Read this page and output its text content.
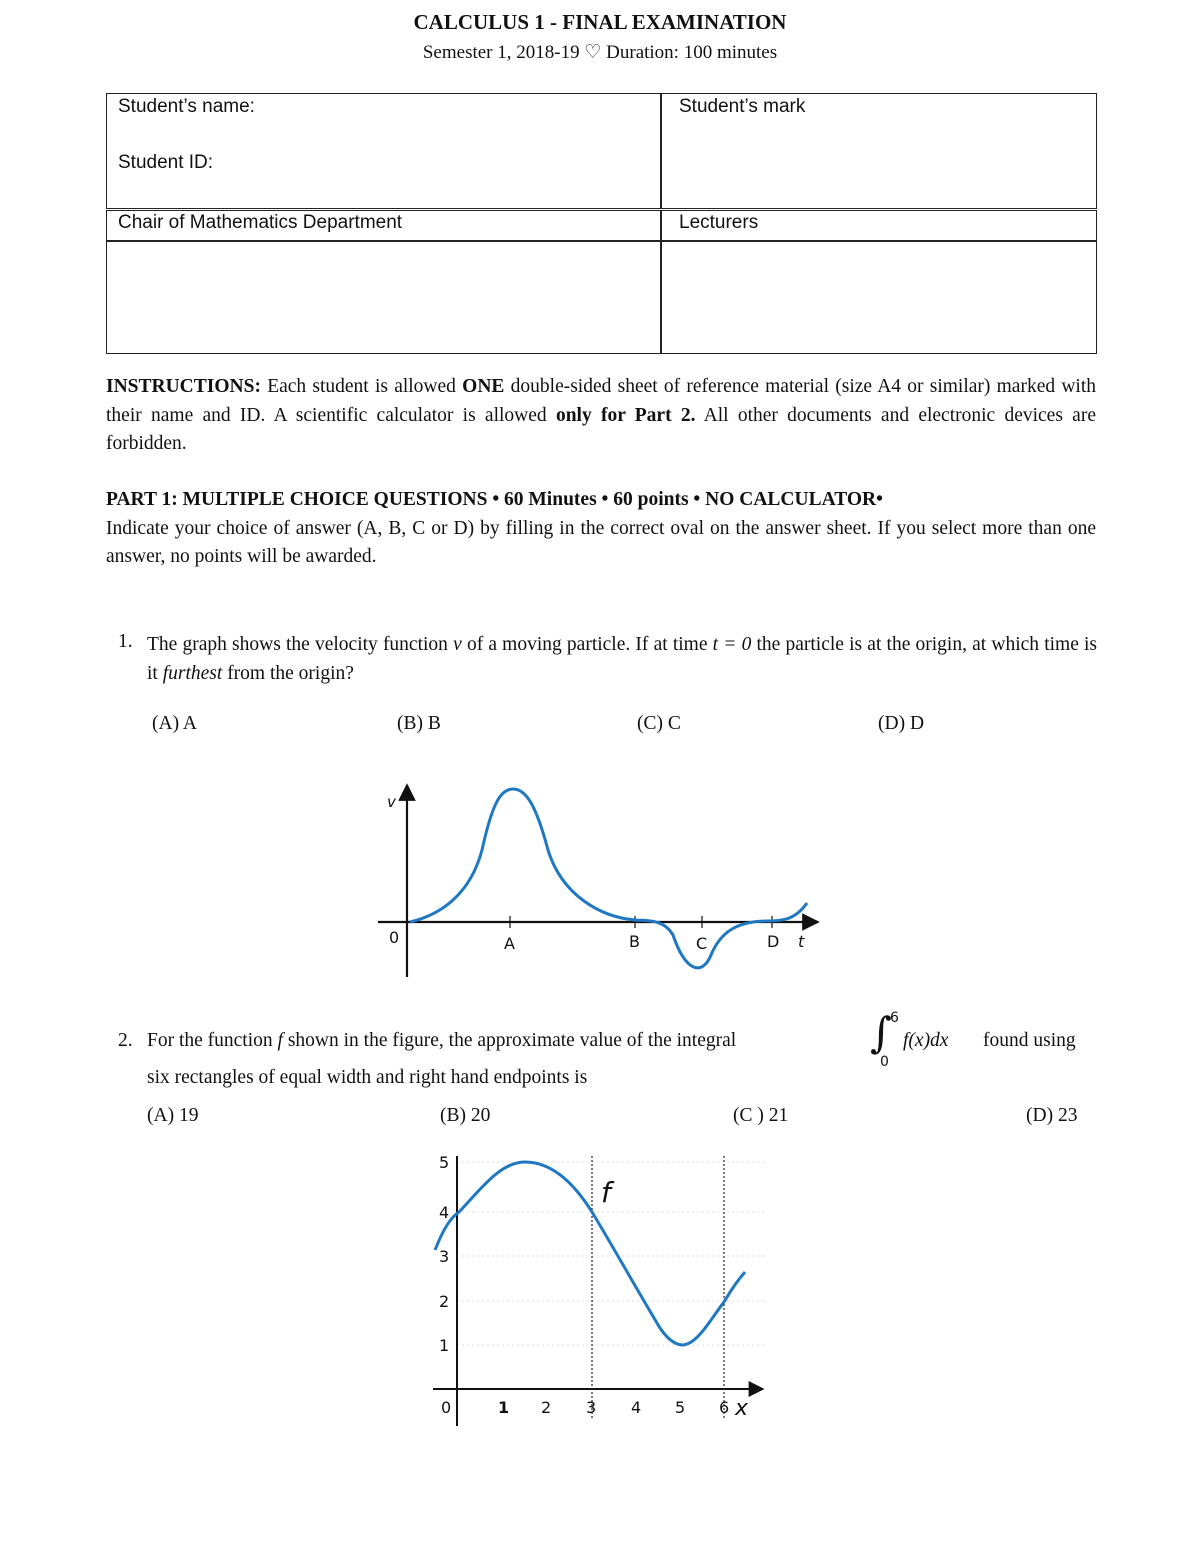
CALCULUS 1 - FINAL EXAMINATION
Semester 1, 2018-19 ♡ Duration: 100 minutes
Student’s name:
Student ID:
Student’s mark
Chair of Mathematics Department	Lecturers
INSTRUCTIONS: Each student is allowed ONE double-sided sheet of reference material (size A4 or similar) marked with their name and ID. A scientific calculator is allowed only for Part 2. All other documents and electronic devices are forbidden.
PART 1: MULTIPLE CHOICE QUESTIONS • 60 Minutes • 60 points • NO CALCULATOR•
Indicate your choice of answer (A, B, C or D) by filling in the correct oval on the answer sheet. If you select more than one answer, no points will be awarded.
1. The graph shows the velocity function v of a moving particle. If at time t = 0 the particle is at the origin, at which time is it furthest from the origin?
(A) A	(B) B	(C) C	(D) D
v
0	A	B	C	D t
2. For the function f shown in the figure, the approximate value of the integral	∫
6
0
f(x)dx found using
six rectangles of equal width and right hand endpoints is
(A) 19	(B) 20	(C ) 21	(D) 23
f
5
4
3
2
1
0	1 2 3 4 5 6 x
